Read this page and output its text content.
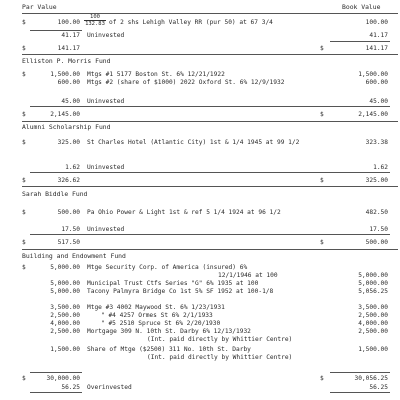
Par Value	Book Value
$	$100.00 \frac{100}{132.83}$ of 2 shs Lehigh Valley RR (pur 50) at 67 3/4	100.00
41.17 Uninvested	41.17
$	141.17	$	141.17
Elliston P. Morris Fund
$	1,500.00 Mtgs #1 5177 Boston St. 6% 12/21/1922	1,500.00
600.00 Mtgs #2 (share of $1000) 2022 Oxford St. 6% 12/9/1932	600.00
45.00 Uninvested	45.00
$	2,145.00	$	2,145.00
Alumni Scholarship Fund
$	325.00 St Charles Hotel (Atlantic City) 1st & 1/4 1945 at 99 1/2	323.38
1.62 Uninvested	1.62
$	326.62	$	325.00
Sarah Biddle Fund
$	500.00 Pa Ohio Power & Light 1st & ref 5 1/4 1924 at 96 1/2	482.50
17.50 Uninvested	17.50
$	517.50	$	500.00
Building and Endowment Fund
$	5,000.00 Mtge Security Corp. of America (insured) 6%
12/1/1946 at 100	5,000.00
5,000.00 Municipal Trust Ctfs Series "G" 6% 1935 at 100	5,000.00
5,000.00 Tacony Palmyra Bridge Co 1st 5% SF 1952 at 100-1/8	5,056.25
3,500.00 Mtge #3 4002 Maywood St. 6% 1/23/1931	3,500.00
2,500.00	" #4 4257 Ormes St 6% 2/1/1933	2,500.00
4,000.00	" #5 2510 Spruce St 6% 2/20/1930	4,000.00
2,500.00 Mortgage 309 N. 10th St. Darby 6% 12/13/1932	2,500.00
(Int. paid directly by Whittier Centre)
1,500.00 Share of Mtge ($2500) 311 No. 10th St. Darby	1,500.00
(Int. paid directly by Whittier Centre)
$	30,000.00	$	30,056.25
56.25 Overinvested	56.25
